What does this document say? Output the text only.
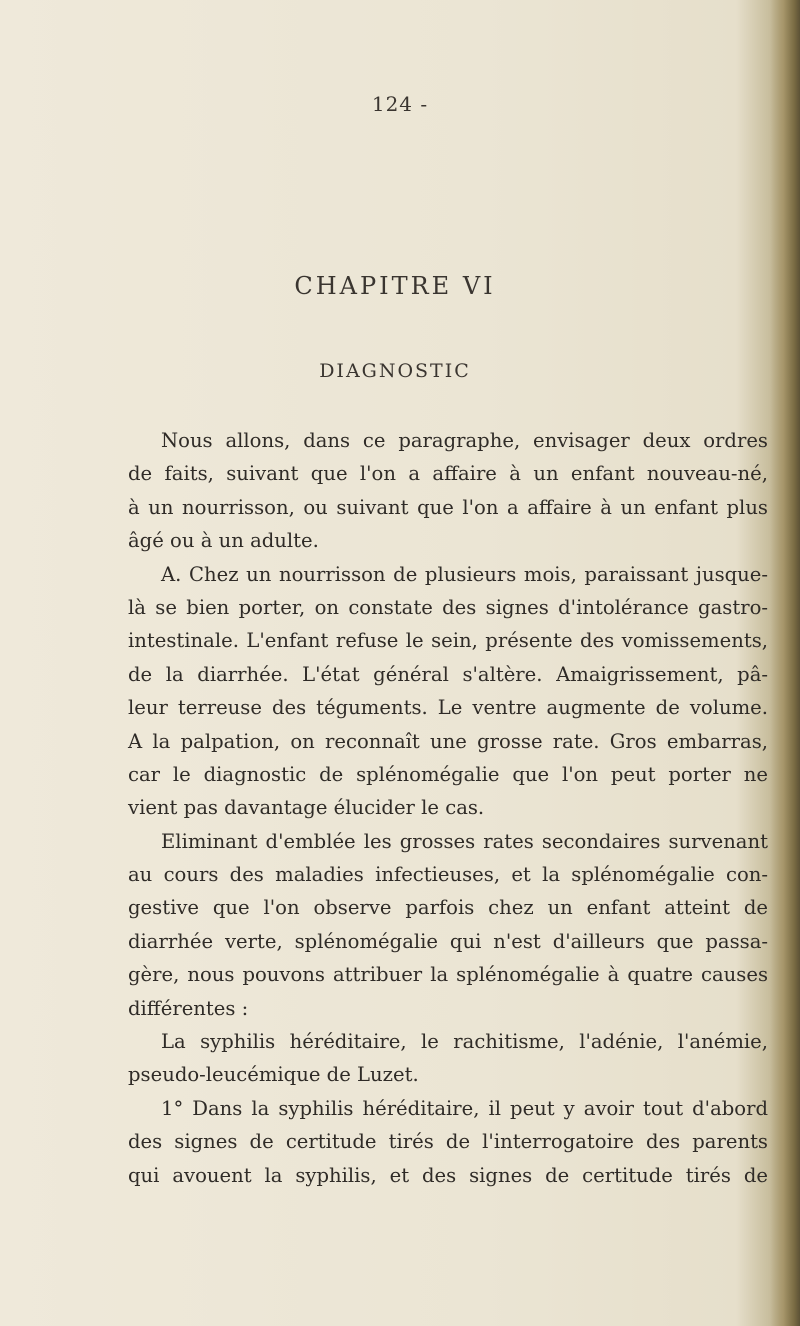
124 -
CHAPITRE VI
DIAGNOSTIC
Nous allons, dans ce paragraphe, envisager deux ordres
de faits, suivant que l'on a affaire à un enfant nouveau-né,
à un nourrisson, ou suivant que l'on a affaire à un enfant plus
âgé ou à un adulte.
A. Chez un nourrisson de plusieurs mois, paraissant jusque-
là se bien porter, on constate des signes d'intolérance gastro-
intestinale. L'enfant refuse le sein, présente des vomissements,
de la diarrhée. L'état général s'altère. Amaigrissement, pâ-
leur terreuse des téguments. Le ventre augmente de volume.
A la palpation, on reconnaît une grosse rate. Gros embarras,
car le diagnostic de splénomégalie que l'on peut porter ne
vient pas davantage élucider le cas.
Eliminant d'emblée les grosses rates secondaires survenant
au cours des maladies infectieuses, et la splénomégalie con-
gestive que l'on observe parfois chez un enfant atteint de
diarrhée verte, splénomégalie qui n'est d'ailleurs que passa-
gère, nous pouvons attribuer la splénomégalie à quatre causes
différentes :
La syphilis héréditaire, le rachitisme, l'adénie, l'anémie,
pseudo-leucémique de Luzet.
1° Dans la syphilis héréditaire, il peut y avoir tout d'abord
des signes de certitude tirés de l'interrogatoire des parents
qui avouent la syphilis, et des signes de certitude tirés de
